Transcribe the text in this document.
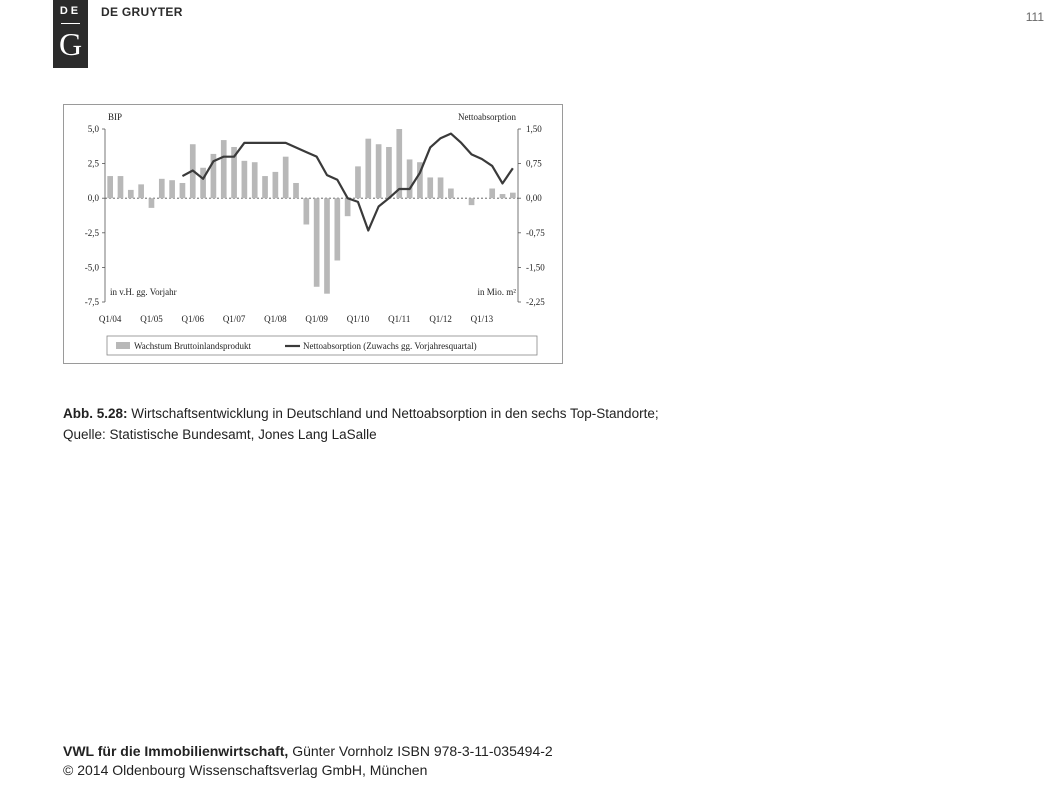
DE
G
DE GRUYTER	111
5,0
2,5
0,0
-2,5
-5,0
-7,5
1,50
0,75
0,00
-0,75
-1,50
-2,25
BIP	Nettoabsorption
in v.H. gg. Vorjahr	in Mio. m²
Q1/04 Q1/05 Q1/06 Q1/07 Q1/08 Q1/09 Q1/10 Q1/11 Q1/12 Q1/13
Wachstum Bruttoinlandsprodukt	Nettoabsorption (Zuwachs gg. Vorjahresquartal)
Abb. 5.28: Wirtschaftsentwicklung in Deutschland und Nettoabsorption in den sechs Top-Standorte;
Quelle: Statistische Bundesamt, Jones Lang LaSalle
VWL für die Immobilienwirtschaft, Günter Vornholz ISBN 978-3-11-035494-2
© 2014 Oldenbourg Wissenschaftsverlag GmbH, München
